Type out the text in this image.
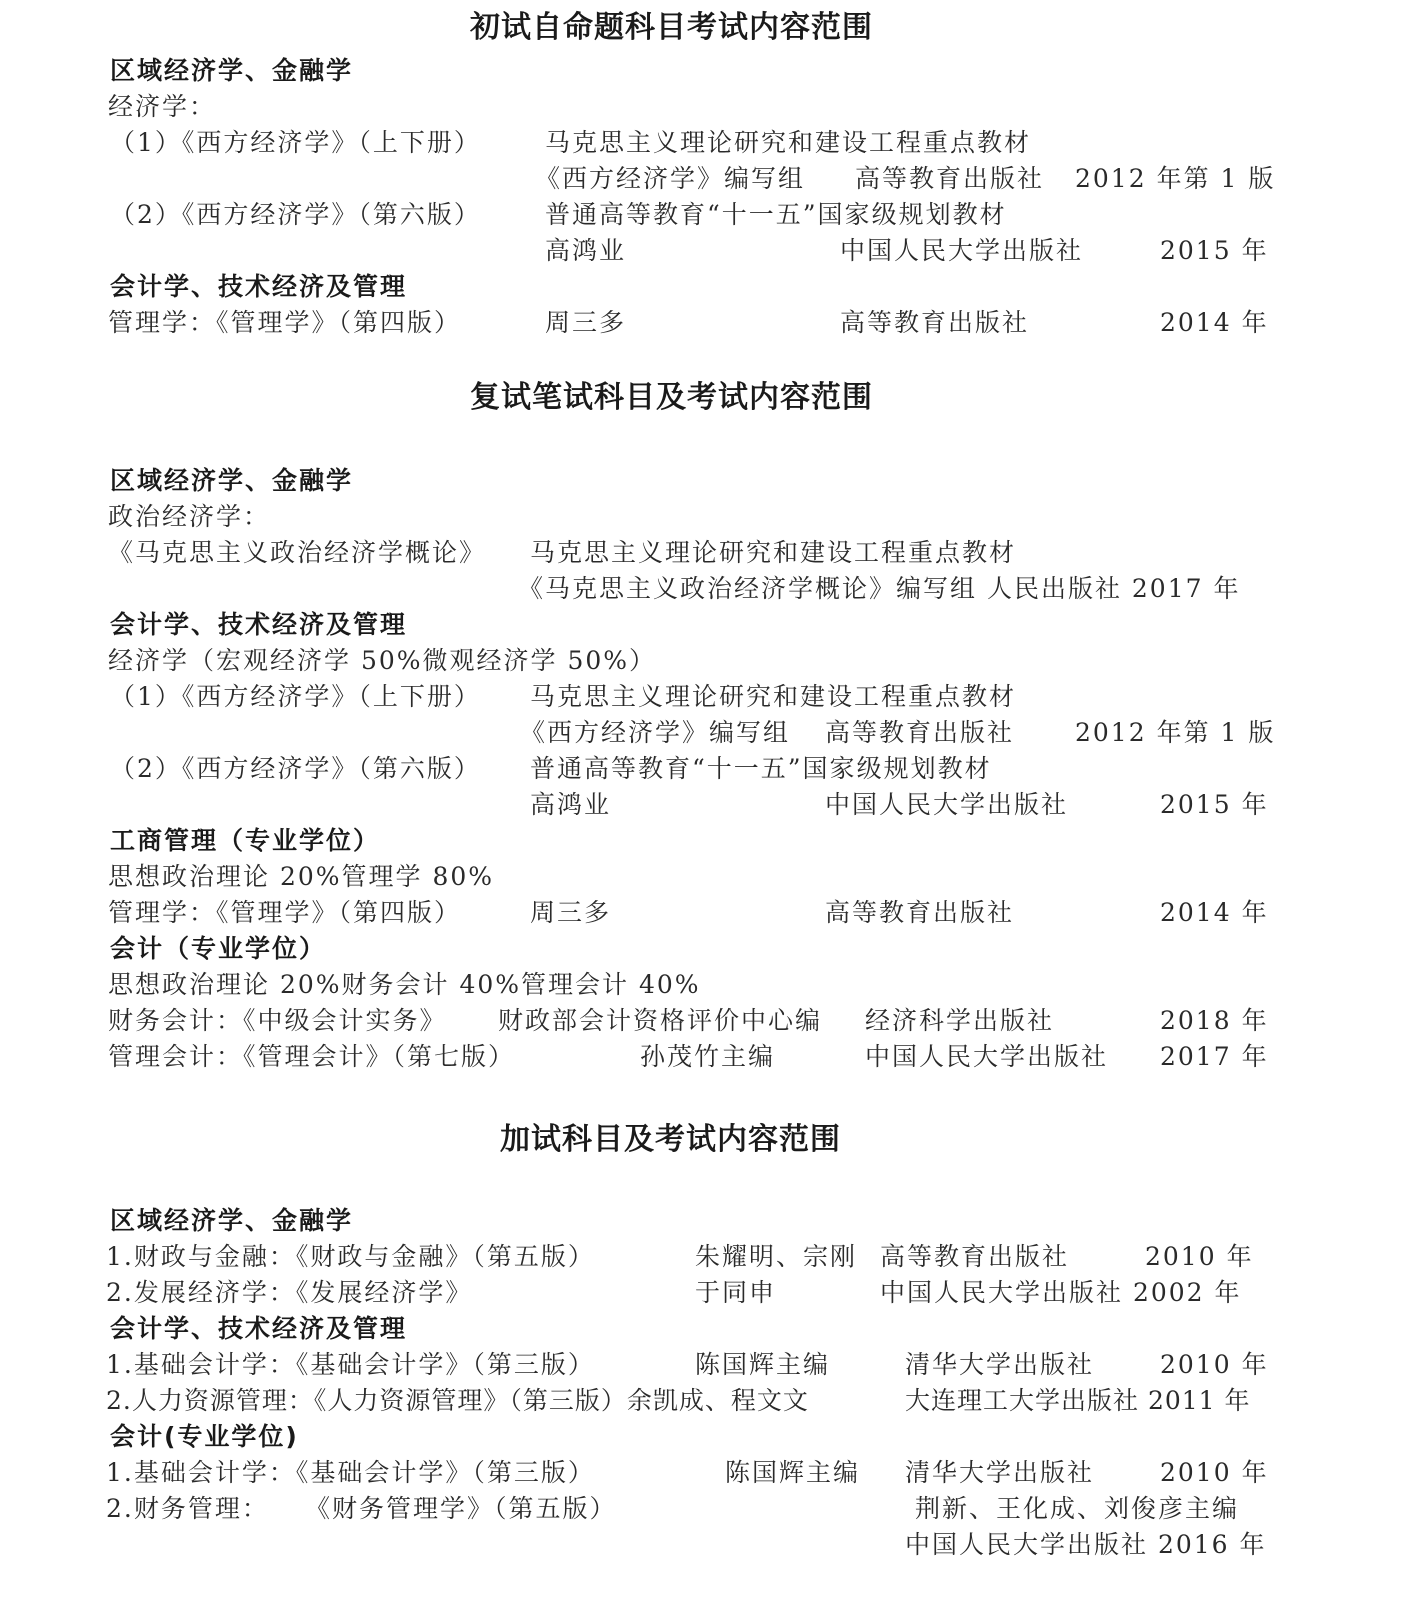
初试自命题科目考试内容范围
区域经济学、金融学
经济学：
（1）《西方经济学》（上下册）	马克思主义理论研究和建设工程重点教材
《西方经济学》编写组 高等教育出版社 2012 年第 1 版
（2）《西方经济学》（第六版）	普通高等教育“十一五”国家级规划教材
高鸿业	中国人民大学出版社	2015 年
会计学、技术经济及管理
管理学：《管理学》（第四版）	周三多	高等教育出版社	2014 年
复试笔试科目及考试内容范围
区域经济学、金融学
政治经济学：
《马克思主义政治经济学概论》 马克思主义理论研究和建设工程重点教材
《马克思主义政治经济学概论》编写组 人民出版社 2017 年
会计学、技术经济及管理
经济学（宏观经济学 50%微观经济学 50%）
（1）《西方经济学》（上下册） 马克思主义理论研究和建设工程重点教材
《西方经济学》编写组 高等教育出版社 2012 年第 1 版
（2）《西方经济学》（第六版） 普通高等教育“十一五”国家级规划教材
高鸿业	中国人民大学出版社	2015 年
工商管理（专业学位）
思想政治理论 20%管理学 80%
管理学：《管理学》（第四版）	周三多	高等教育出版社	2014 年
会计（专业学位）
思想政治理论 20%财务会计 40%管理会计 40%
财务会计：《中级会计实务》 财政部会计资格评价中心编 经济科学出版社	2018 年
管理会计：《管理会计》（第七版）	孙茂竹主编	中国人民大学出版社 2017 年
加试科目及考试内容范围
区域经济学、金融学
1.财政与金融：《财政与金融》（第五版）	朱耀明、宗刚 高等教育出版社	2010 年
2.发展经济学：《发展经济学》	于同申	中国人民大学出版社 2002 年
会计学、技术经济及管理
1.基础会计学：《基础会计学》（第三版）	陈国辉主编	清华大学出版社	2010 年
2.人力资源管理：《人力资源管理》（第三版）余凯成、程文文	大连理工大学出版社 2011 年
会计(专业学位)
1.基础会计学：《基础会计学》（第三版）	陈国辉主编 清华大学出版社	2010 年
2.财务管理： 《财务管理学》（第五版）	荆新、王化成、刘俊彦主编
中国人民大学出版社 2016 年
